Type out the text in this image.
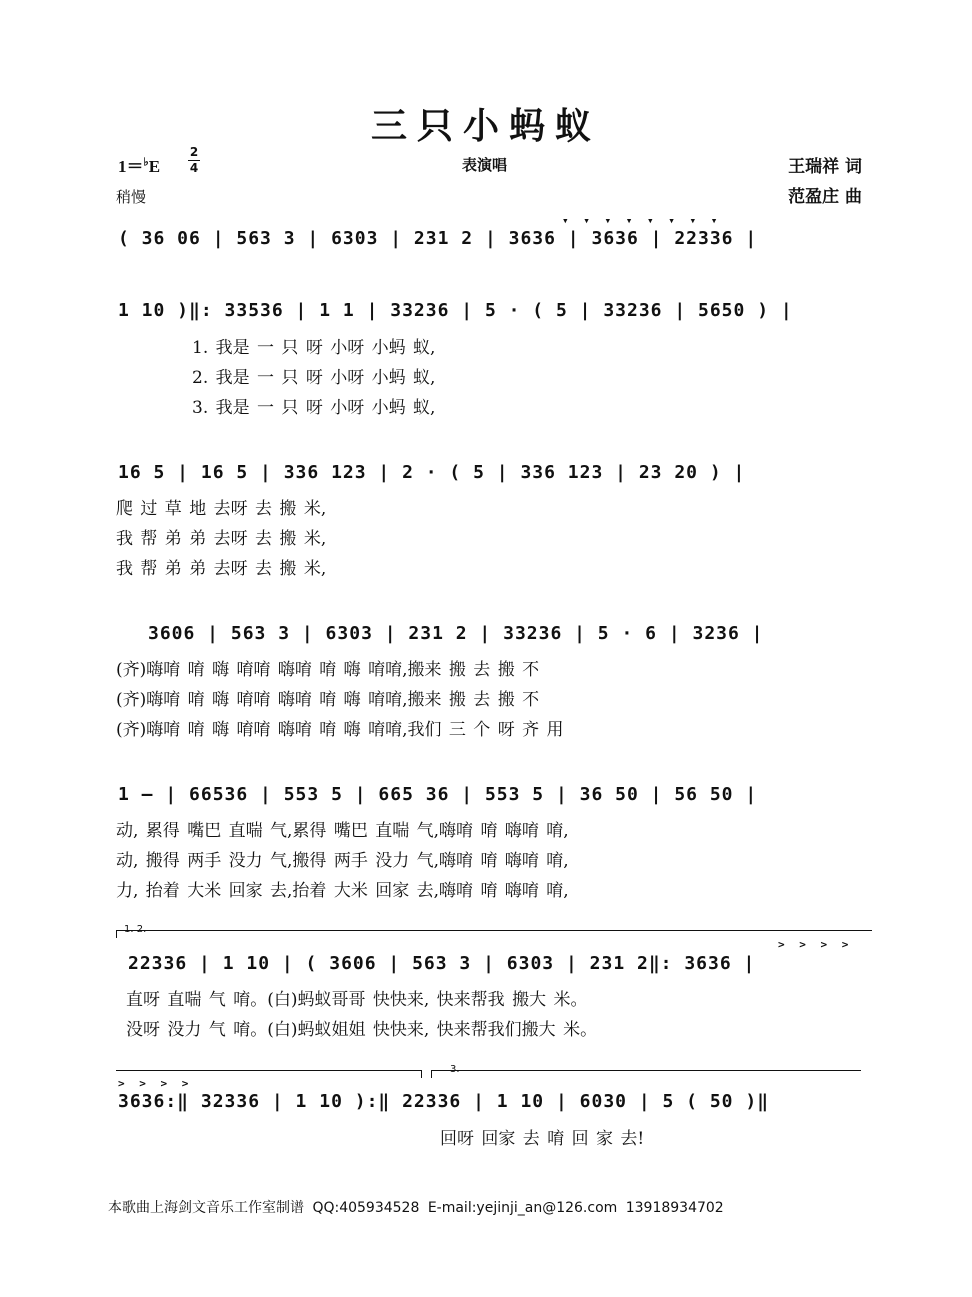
三只小蚂蚁
1＝♭E
2
4
稍慢
表演唱	王瑞祥 词
范盈庄 曲
▾ ▾ ▾ ▾ ▾ ▾ ▾ ▾
( 36 06 | 563 3 | 6303 | 231 2 | 3636 | 3636 | 22336 |
1 10 )‖: 33536 | 1 1 | 33236 | 5 · ( 5 | 33236 | 5650 ) |
1. 我是 一 只 呀 小呀 小蚂 蚁,
2. 我是 一 只 呀 小呀 小蚂 蚁,
3. 我是 一 只 呀 小呀 小蚂 蚁,
16 5 | 16 5 | 336 123 | 2 · ( 5 | 336 123 | 23 20 ) |
爬 过 草 地 去呀 去 搬 米,
我 帮 弟 弟 去呀 去 搬 米,
我 帮 弟 弟 去呀 去 搬 米,
3606 | 563 3 | 6303 | 231 2 | 33236 | 5 · 6 | 3236 |
(齐)嗨唷 唷 嗨 唷唷 嗨唷 唷 嗨 唷唷,搬来 搬 去 搬 不
(齐)嗨唷 唷 嗨 唷唷 嗨唷 唷 嗨 唷唷,搬来 搬 去 搬 不
(齐)嗨唷 唷 嗨 唷唷 嗨唷 唷 嗨 唷唷,我们 三 个 呀 齐 用
1 – | 66536 | 553 5 | 665 36 | 553 5 | 36 50 | 56 50 |
动, 累得 嘴巴 直喘 气,累得 嘴巴 直喘 气,嗨唷 唷 嗨唷 唷,
动, 搬得 两手 没力 气,搬得 两手 没力 气,嗨唷 唷 嗨唷 唷,
力, 抬着 大米 回家 去,抬着 大米 回家 去,嗨唷 唷 嗨唷 唷,
1. 2.
> > > >
22336 | 1 10 | ( 3606 | 563 3 | 6303 | 231 2‖: 3636 |
直呀 直喘 气 唷。(白)蚂蚁哥哥 快快来, 快来帮我 搬大 米。
没呀 没力 气 唷。(白)蚂蚁姐姐 快快来, 快来帮我们搬大 米。
3.
> > > >
3636:‖ 32336 | 1 10 ):‖ 22336 | 1 10 | 6030 | 5 ( 50 )‖
回呀 回家 去 唷 回 家 去!
本歌曲上海剑文音乐工作室制谱 QQ:405934528 E-mail:yejinji_an@126.com 13918934702
